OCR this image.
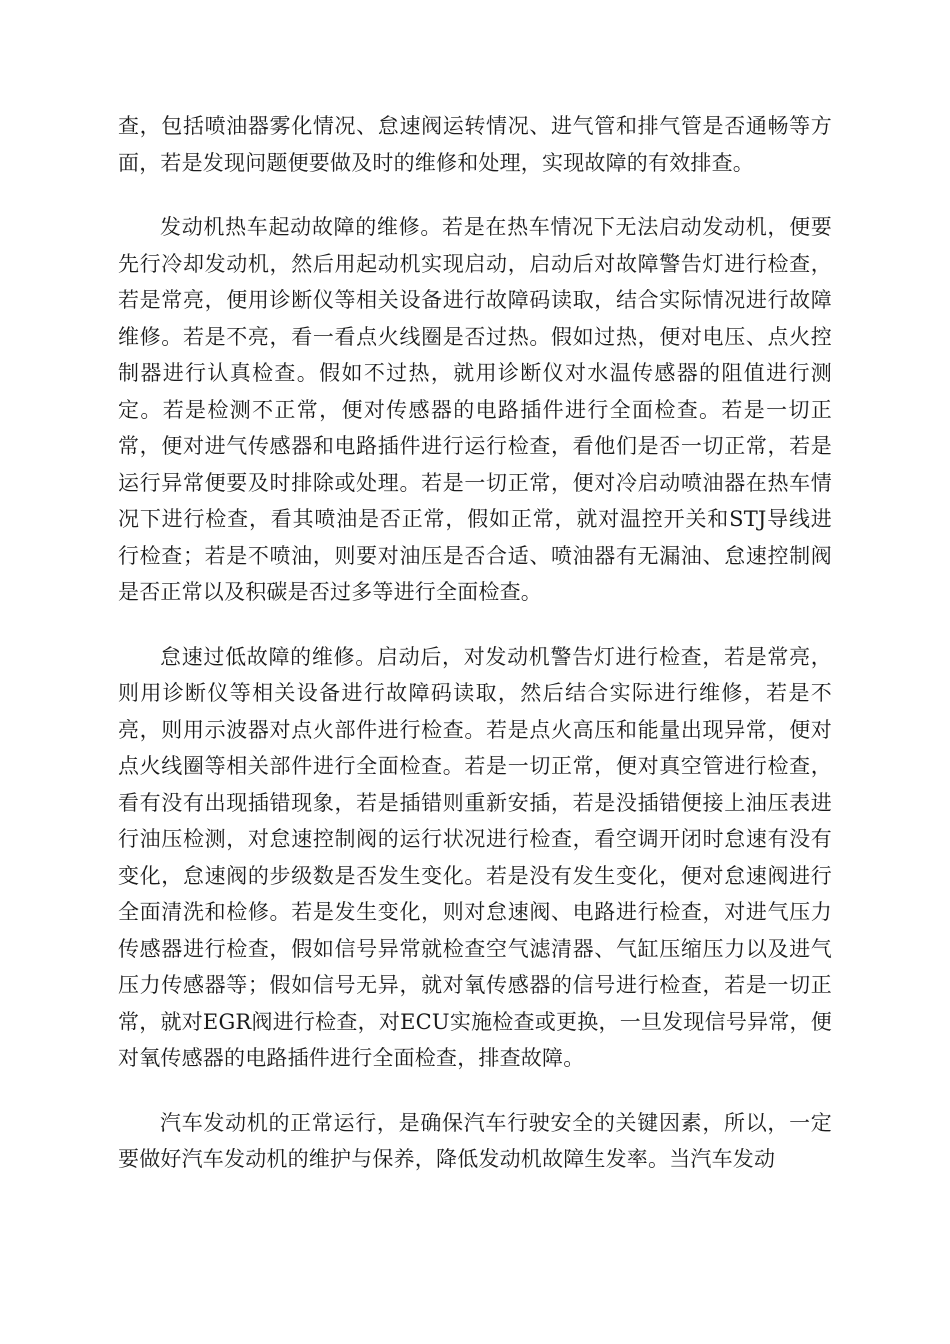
查，包括喷油器雾化情况、怠速阀运转情况、进气管和排气管是否通畅等方面，若是发现问题便要做及时的维修和处理，实现故障的有效排查。

发动机热车起动故障的维修。若是在热车情况下无法启动发动机，便要先行冷却发动机，然后用起动机实现启动，启动后对故障警告灯进行检查，若是常亮，便用诊断仪等相关设备进行故障码读取，结合实际情况进行故障维修。若是不亮，看一看点火线圈是否过热。假如过热，便对电压、点火控制器进行认真检查。假如不过热，就用诊断仪对水温传感器的阻值进行测定。若是检测不正常，便对传感器的电路插件进行全面检查。若是一切正常，便对进气传感器和电路插件进行运行检查，看他们是否一切正常，若是运行异常便要及时排除或处理。若是一切正常，便对冷启动喷油器在热车情况下进行检查，看其喷油是否正常，假如正常，就对温控开关和STJ导线进行检查；若是不喷油，则要对油压是否合适、喷油器有无漏油、怠速控制阀是否正常以及积碳是否过多等进行全面检查。

怠速过低故障的维修。启动后，对发动机警告灯进行检查，若是常亮，则用诊断仪等相关设备进行故障码读取，然后结合实际进行维修，若是不亮，则用示波器对点火部件进行检查。若是点火高压和能量出现异常，便对点火线圈等相关部件进行全面检查。若是一切正常，便对真空管进行检查，看有没有出现插错现象，若是插错则重新安插，若是没插错便接上油压表进行油压检测，对怠速控制阀的运行状况进行检查，看空调开闭时怠速有没有变化，怠速阀的步级数是否发生变化。若是没有发生变化，便对怠速阀进行全面清洗和检修。若是发生变化，则对怠速阀、电路进行检查，对进气压力传感器进行检查，假如信号异常就检查空气滤清器、气缸压缩压力以及进气压力传感器等；假如信号无异，就对氧传感器的信号进行检查，若是一切正常，就对EGR阀进行检查，对ECU实施检查或更换，一旦发现信号异常，便对氧传感器的电路插件进行全面检查，排查故障。

汽车发动机的正常运行，是确保汽车行驶安全的关键因素，所以，一定要做好汽车发动机的维护与保养，降低发动机故障生发率。当汽车发动
